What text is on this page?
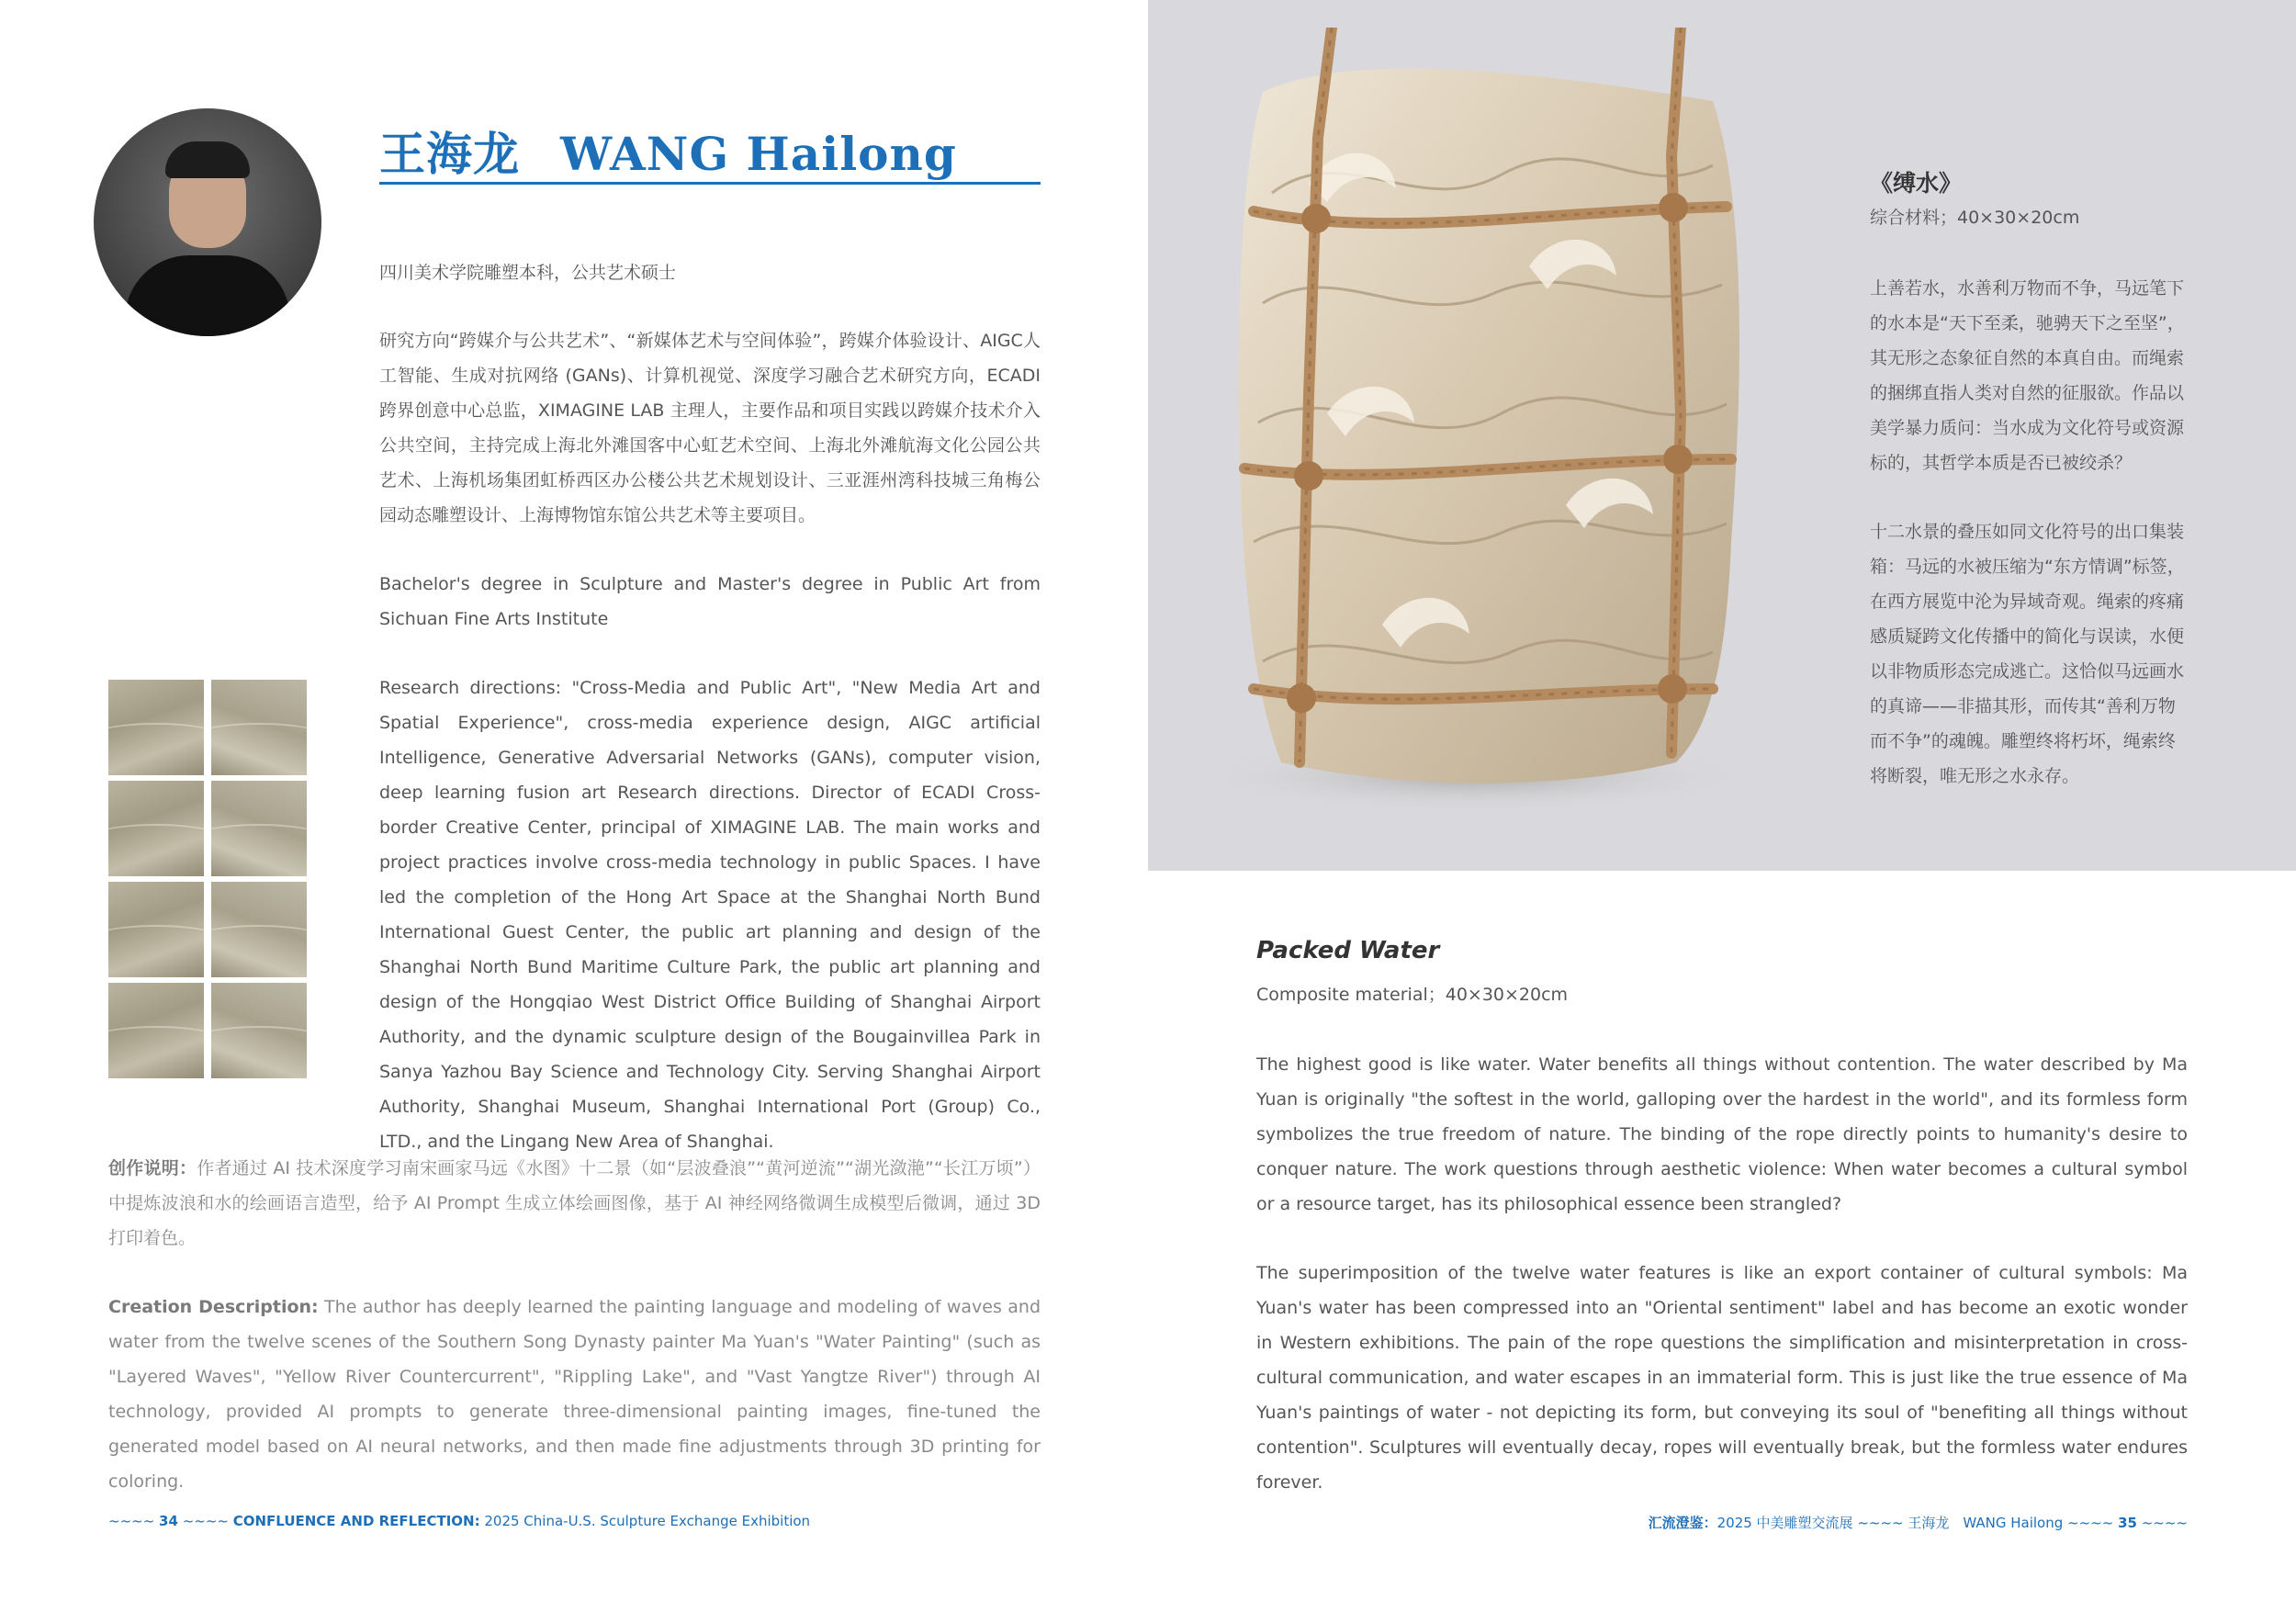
王海龙 WANG Hailong
四川美术学院雕塑本科，公共艺术硕士
研究方向“跨媒介与公共艺术”、“新媒体艺术与空间体验”，跨媒介体验设计、AIGC人工智能、生成对抗网络 (GANs)、计算机视觉、深度学习融合艺术研究方向，ECADI跨界创意中心总监，XIMAGINE LAB 主理人，主要作品和项目实践以跨媒介技术介入公共空间，主持完成上海北外滩国客中心虹艺术空间、上海北外滩航海文化公园公共艺术、上海机场集团虹桥西区办公楼公共艺术规划设计、三亚涯州湾科技城三角梅公园动态雕塑设计、上海博物馆东馆公共艺术等主要项目。
Bachelor's degree in Sculpture and Master's degree in Public Art from Sichuan Fine Arts Institute
Research directions: "Cross-Media and Public Art", "New Media Art and Spatial Experience", cross-media experience design, AIGC artificial Intelligence, Generative Adversarial Networks (GANs), computer vision, deep learning fusion art Research directions. Director of ECADI Cross-border Creative Center, principal of XIMAGINE LAB. The main works and project practices involve cross-media technology in public Spaces. I have led the completion of the Hong Art Space at the Shanghai North Bund International Guest Center, the public art planning and design of the Shanghai North Bund Maritime Culture Park, the public art planning and design of the Hongqiao West District Office Building of Shanghai Airport Authority, and the dynamic sculpture design of the Bougainvillea Park in Sanya Yazhou Bay Science and Technology City. Serving Shanghai Airport Authority, Shanghai Museum, Shanghai International Port (Group) Co., LTD., and the Lingang New Area of Shanghai.
创作说明：作者通过 AI 技术深度学习南宋画家马远《水图》十二景（如“层波叠浪”“黄河逆流”“湖光潋滟”“长江万顷”）中提炼波浪和水的绘画语言造型，给予 AI Prompt 生成立体绘画图像，基于 AI 神经网络微调生成模型后微调，通过 3D 打印着色。
Creation Description: The author has deeply learned the painting language and modeling of waves and water from the twelve scenes of the Southern Song Dynasty painter Ma Yuan's "Water Painting" (such as "Layered Waves", "Yellow River Countercurrent", "Rippling Lake", and "Vast Yangtze River") through AI technology, provided AI prompts to generate three-dimensional painting images, fine-tuned the generated model based on AI neural networks, and then made fine adjustments through 3D printing for coloring.
~~~~ 34 ~~~~ CONFLUENCE AND REFLECTION: 2025 China-U.S. Sculpture Exchange Exhibition
《缚水》
综合材料；40×30×20cm
上善若水，水善利万物而不争，马远笔下的水本是“天下至柔，驰骋天下之至坚”，其无形之态象征自然的本真自由。而绳索的捆绑直指人类对自然的征服欲。作品以美学暴力质问：当水成为文化符号或资源标的，其哲学本质是否已被绞杀？
十二水景的叠压如同文化符号的出口集装箱：马远的水被压缩为“东方情调”标签，在西方展览中沦为异域奇观。绳索的疼痛感质疑跨文化传播中的简化与误读，水便以非物质形态完成逃亡。这恰似马远画水的真谛——非描其形，而传其“善利万物而不争”的魂魄。雕塑终将朽坏，绳索终将断裂，唯无形之水永存。
Packed Water
Composite material；40×30×20cm
The highest good is like water. Water benefits all things without contention. The water described by Ma Yuan is originally "the softest in the world, galloping over the hardest in the world", and its formless form symbolizes the true freedom of nature. The binding of the rope directly points to humanity's desire to conquer nature. The work questions through aesthetic violence: When water becomes a cultural symbol or a resource target, has its philosophical essence been strangled?
The superimposition of the twelve water features is like an export container of cultural symbols: Ma Yuan's water has been compressed into an "Oriental sentiment" label and has become an exotic wonder in Western exhibitions. The pain of the rope questions the simplification and misinterpretation in cross-cultural communication, and water escapes in an immaterial form. This is just like the true essence of Ma Yuan's paintings of water - not depicting its form, but conveying its soul of "benefiting all things without contention". Sculptures will eventually decay, ropes will eventually break, but the formless water endures forever.
汇流澄鉴：2025 中美雕塑交流展 ~~~~ 王海龙　WANG Hailong ~~~~ 35 ~~~~
